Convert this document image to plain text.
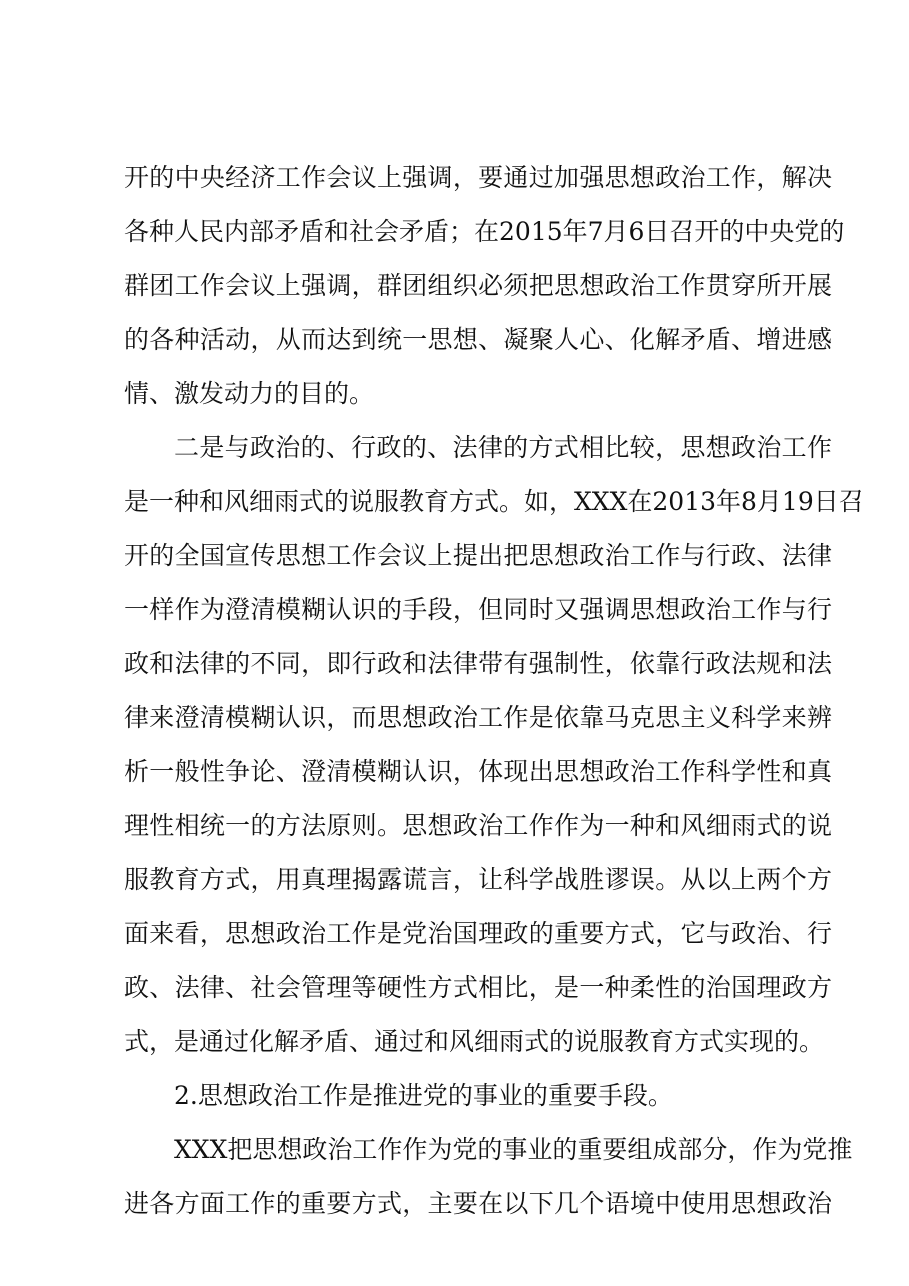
开的中央经济工作会议上强调，要通过加强思想政治工作，解决
各种人民内部矛盾和社会矛盾；在2015年7月6日召开的中央党的
群团工作会议上强调，群团组织必须把思想政治工作贯穿所开展
的各种活动，从而达到统一思想、凝聚人心、化解矛盾、增进感
情、激发动力的目的。
二是与政治的、行政的、法律的方式相比较，思想政治工作
是一种和风细雨式的说服教育方式。如，XXX在2013年8月19日召
开的全国宣传思想工作会议上提出把思想政治工作与行政、法律
一样作为澄清模糊认识的手段，但同时又强调思想政治工作与行
政和法律的不同，即行政和法律带有强制性，依靠行政法规和法
律来澄清模糊认识，而思想政治工作是依靠马克思主义科学来辨
析一般性争论、澄清模糊认识，体现出思想政治工作科学性和真
理性相统一的方法原则。思想政治工作作为一种和风细雨式的说
服教育方式，用真理揭露谎言，让科学战胜谬误。从以上两个方
面来看，思想政治工作是党治国理政的重要方式，它与政治、行
政、法律、社会管理等硬性方式相比，是一种柔性的治国理政方
式，是通过化解矛盾、通过和风细雨式的说服教育方式实现的。
2.思想政治工作是推进党的事业的重要手段。
XXX把思想政治工作作为党的事业的重要组成部分，作为党推
进各方面工作的重要方式，主要在以下几个语境中使用思想政治
